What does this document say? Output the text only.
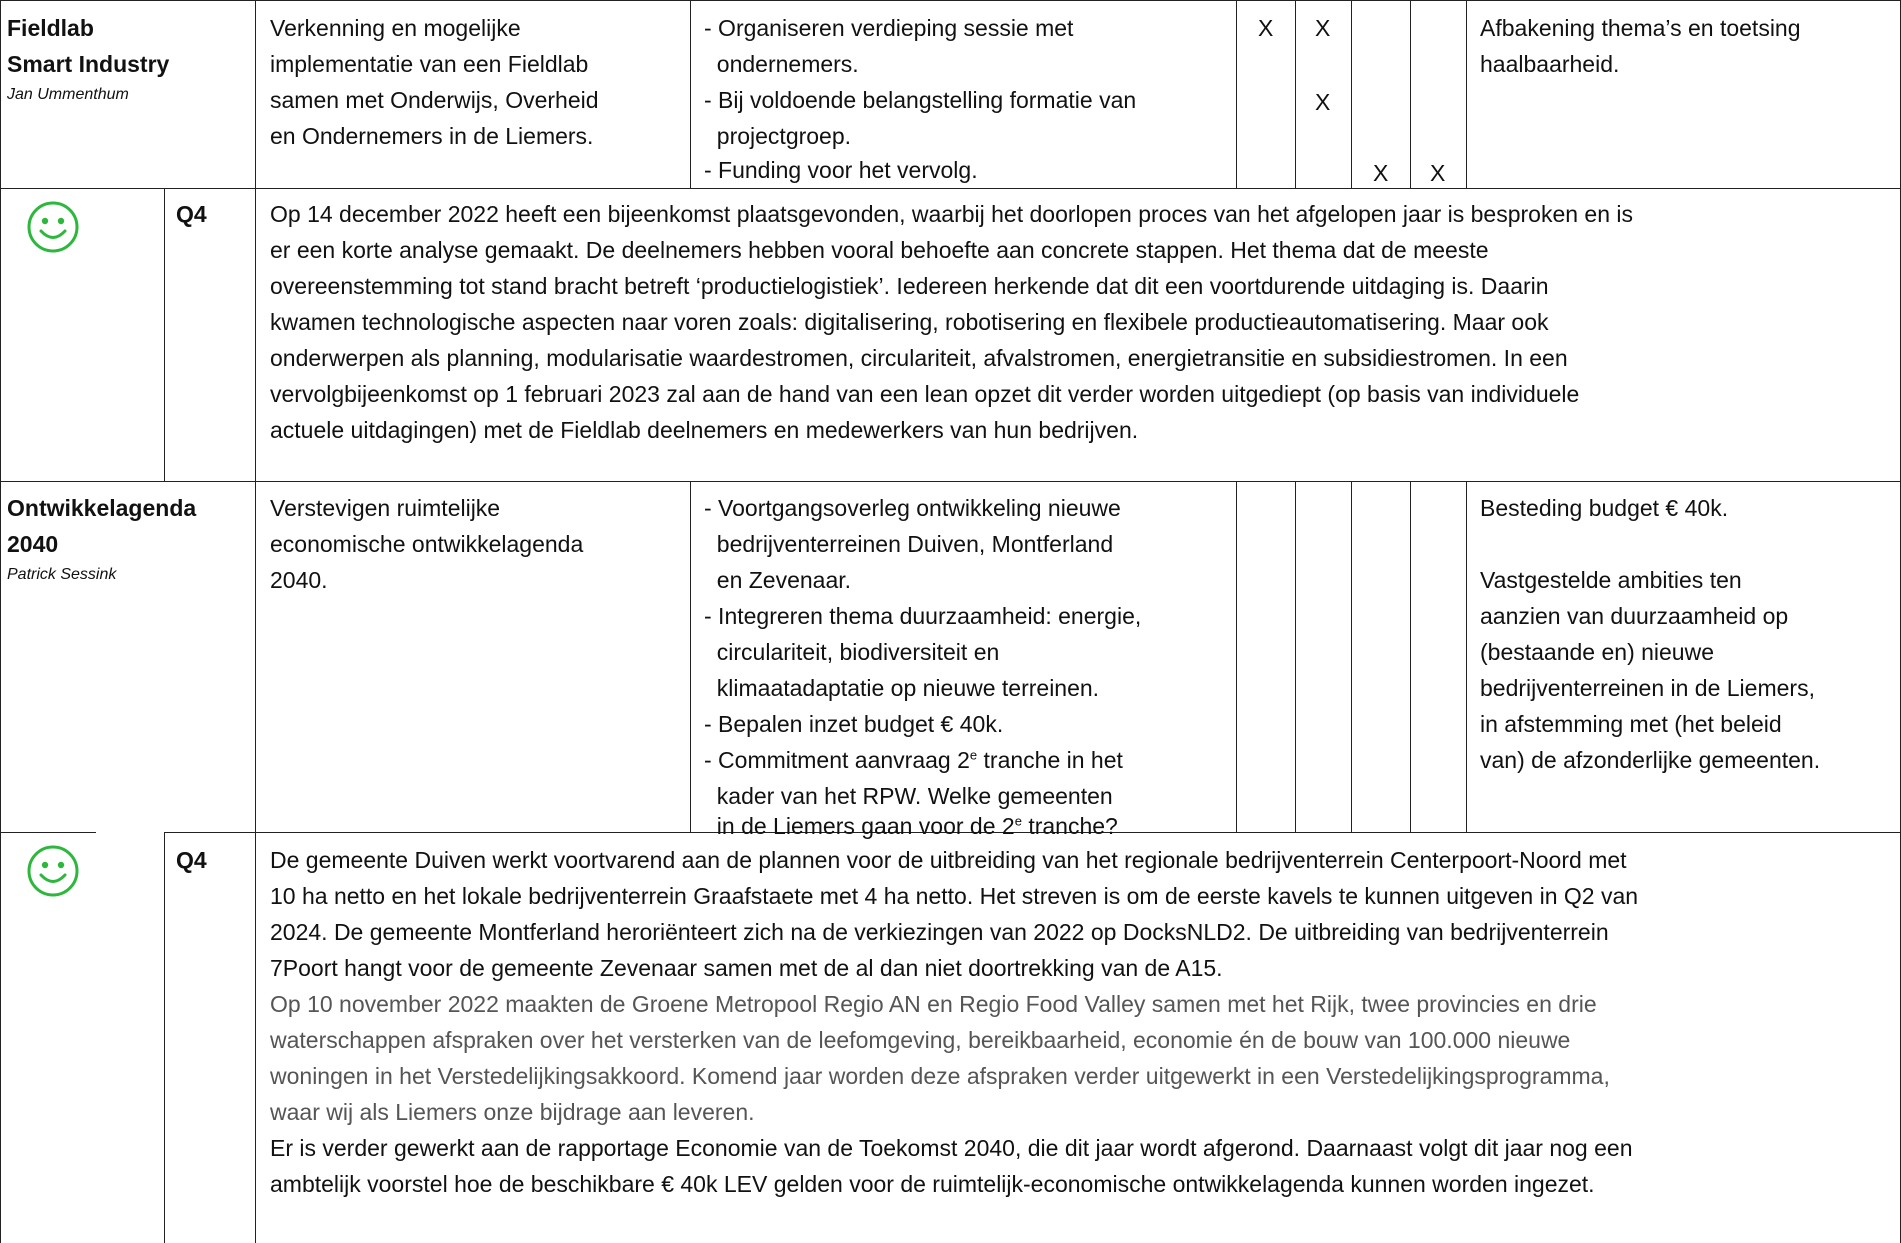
Fieldlab
Smart Industry
Jan Ummenthum
Verkenning en mogelijke
implementatie van een Fieldlab
samen met Onderwijs, Overheid
en Ondernemers in de Liemers.
- Organiseren verdieping sessie met
ondernemers.
- Bij voldoende belangstelling formatie van
projectgroep.
- Funding voor het vervolg.
X X
X
X X
Afbakening thema’s en toetsing
haalbaarheid.
Q4	Op 14 december 2022 heeft een bijeenkomst plaatsgevonden, waarbij het doorlopen proces van het afgelopen jaar is besproken en is
er een korte analyse gemaakt. De deelnemers hebben vooral behoefte aan concrete stappen. Het thema dat de meeste
overeenstemming tot stand bracht betreft ‘productielogistiek’. Iedereen herkende dat dit een voortdurende uitdaging is. Daarin
kwamen technologische aspecten naar voren zoals: digitalisering, robotisering en flexibele productieautomatisering. Maar ook
onderwerpen als planning, modularisatie waardestromen, circulariteit, afvalstromen, energietransitie en subsidiestromen. In een
vervolgbijeenkomst op 1 februari 2023 zal aan de hand van een lean opzet dit verder worden uitgediept (op basis van individuele
actuele uitdagingen) met de Fieldlab deelnemers en medewerkers van hun bedrijven.
Ontwikkelagenda
2040
Patrick Sessink
Verstevigen ruimtelijke
economische ontwikkelagenda
2040.
- Voortgangsoverleg ontwikkeling nieuwe
bedrijventerreinen Duiven, Montferland
en Zevenaar.
- Integreren thema duurzaamheid: energie,
circulariteit, biodiversiteit en
klimaatadaptatie op nieuwe terreinen.
- Bepalen inzet budget € 40k.
- Commitment aanvraag 2e tranche in het
kader van het RPW. Welke gemeenten
in de Liemers gaan voor de 2e tranche?
Besteding budget € 40k.
Vastgestelde ambities ten
aanzien van duurzaamheid op
(bestaande en) nieuwe
bedrijventerreinen in de Liemers,
in afstemming met (het beleid
van) de afzonderlijke gemeenten.
Q4	De gemeente Duiven werkt voortvarend aan de plannen voor de uitbreiding van het regionale bedrijventerrein Centerpoort-Noord met
10 ha netto en het lokale bedrijventerrein Graafstaete met 4 ha netto. Het streven is om de eerste kavels te kunnen uitgeven in Q2 van
2024. De gemeente Montferland heroriënteert zich na de verkiezingen van 2022 op DocksNLD2. De uitbreiding van bedrijventerrein
7Poort hangt voor de gemeente Zevenaar samen met de al dan niet doortrekking van de A15.
Op 10 november 2022 maakten de Groene Metropool Regio AN en Regio Food Valley samen met het Rijk, twee provincies en drie
waterschappen afspraken over het versterken van de leefomgeving, bereikbaarheid, economie én de bouw van 100.000 nieuwe
woningen in het Verstedelijkingsakkoord. Komend jaar worden deze afspraken verder uitgewerkt in een Verstedelijkingsprogramma,
waar wij als Liemers onze bijdrage aan leveren.
Er is verder gewerkt aan de rapportage Economie van de Toekomst 2040, die dit jaar wordt afgerond. Daarnaast volgt dit jaar nog een
ambtelijk voorstel hoe de beschikbare € 40k LEV gelden voor de ruimtelijk-economische ontwikkelagenda kunnen worden ingezet.
